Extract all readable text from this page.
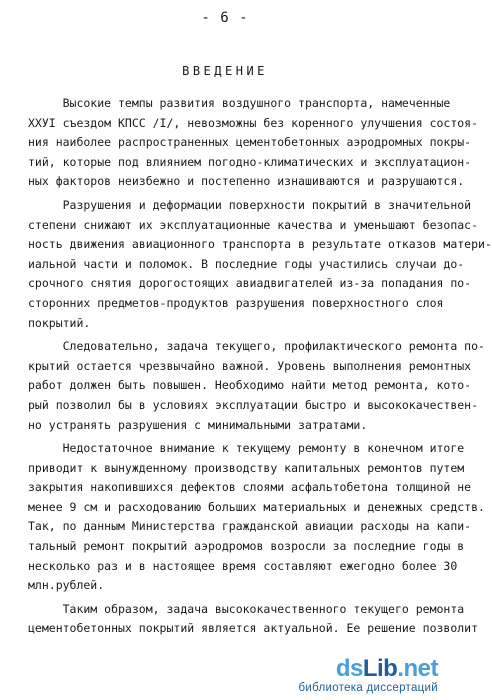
- 6 -
ВВЕДЕНИЕ
Высокие темпы развития воздушного транспорта, намеченные
XXУI съездом КПСС /I/, невозможны без коренного улучшения состоя-
ния наиболее распространенных цементобетонных аэродромных покры-
тий, которые под влиянием погодно-климатических и эксплуатацион-
ных факторов неизбежно и постепенно изнашиваются и разрушаются.
Разрушения и деформации поверхности покрытий в значительной
степени снижают их эксплуатационные качества и уменьшают безопас-
ность движения авиационного транспорта в результате отказов матери-
иальной части и поломок. В последние годы участились случаи до-
срочного снятия дорогостоящих авиадвигателей из-за попадания по-
сторонних предметов-продуктов разрушения поверхностного слоя
покрытий.
Следовательно, задача текущего, профилактического ремонта по-
крытий остается чрезвычайно важной. Уровень выполнения ремонтных
работ должен быть повышен. Необходимо найти метод ремонта, кото-
рый позволил бы в условиях эксплуатации быстро и высококачествен-
но устранять разрушения с минимальными затратами.
Недостаточное внимание к текущему ремонту в конечном итоге
приводит к вынужденному производству капитальных ремонтов путем
закрытия накопившихся дефектов слоями асфальтобетона толщиной не
менее 9 см и расходованию больших материальных и денежных средств.
Так, по данным Министерства гражданской авиации расходы на капи-
тальный ремонт покрытий аэродромов возросли за последние годы в
несколько раз и в настоящее время составляют ежегодно более 30
млн.рублей.
Таким образом, задача высококачественного текущего ремонта
цементобетонных покрытий является актуальной. Ее решение позволит
dsLib.net
библиотека диссертаций
